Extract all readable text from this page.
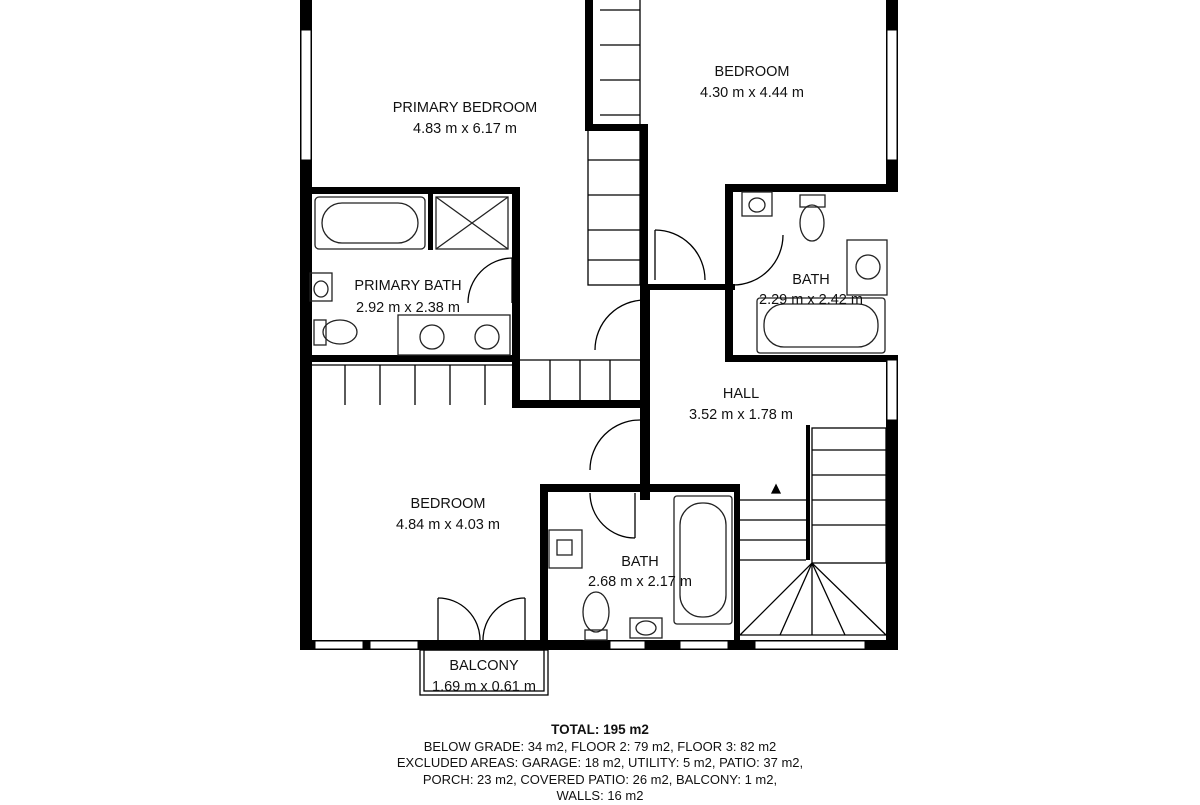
PRIMARY BEDROOM
4.83 m x 6.17 m
BEDROOM
4.30 m x 4.44 m
PRIMARY BATH
2.92 m x 2.38 m
BATH
2.29 m x 2.42 m
HALL
3.52 m x 1.78 m
BEDROOM
4.84 m x 4.03 m
BATH
2.68 m x 2.17 m
BALCONY
1.69 m x 0.61 m
TOTAL: 195 m2
BELOW GRADE: 34 m2, FLOOR 2: 79 m2, FLOOR 3: 82 m2
EXCLUDED AREAS: GARAGE: 18 m2, UTILITY: 5 m2, PATIO: 37 m2,
PORCH: 23 m2, COVERED PATIO: 26 m2, BALCONY: 1 m2,
WALLS: 16 m2
